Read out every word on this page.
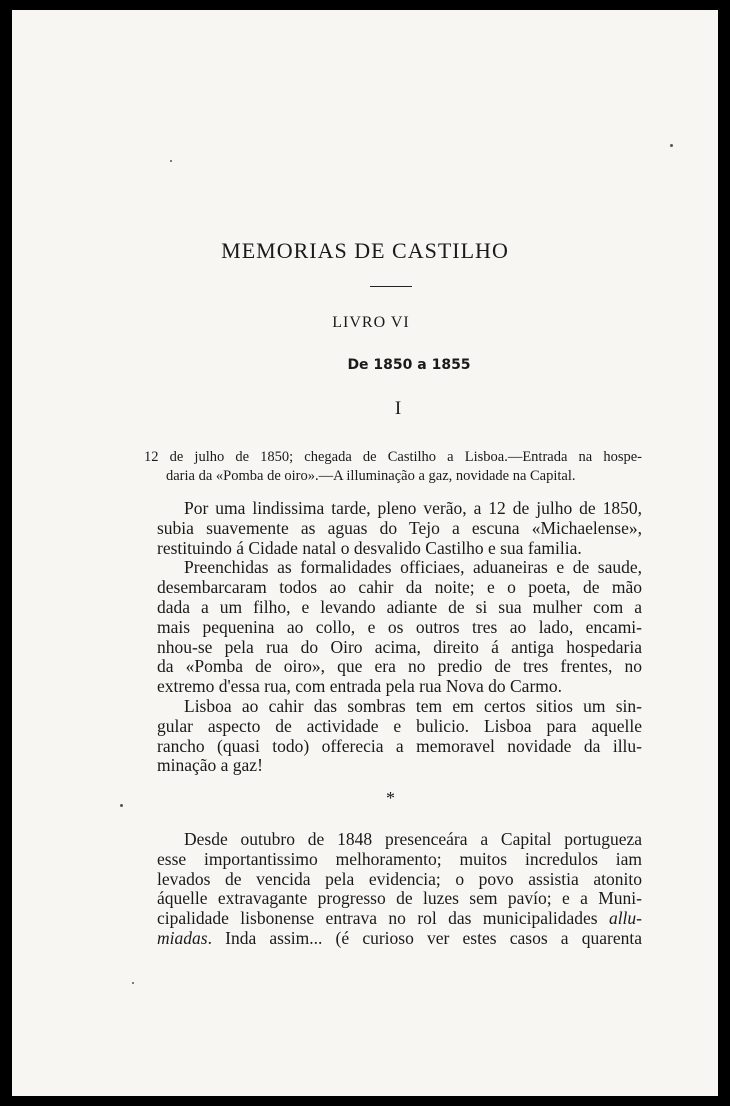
MEMORIAS DE CASTILHO
LIVRO VI
De 1850 a 1855
I
12 de julho de 1850; chegada de Castilho a Lisboa.—Entrada na hospe-
daria da «Pomba de oiro».—A illuminação a gaz, novidade na Capital.
Por uma lindissima tarde, pleno verão, a 12 de julho de 1850,
subia suavemente as aguas do Tejo a escuna «Michaelense»,
restituindo á Cidade natal o desvalido Castilho e sua familia.
Preenchidas as formalidades officiaes, aduaneiras e de saude,
desembarcaram todos ao cahir da noite; e o poeta, de mão
dada a um filho, e levando adiante de si sua mulher com a
mais pequenina ao collo, e os outros tres ao lado, encami-
nhou-se pela rua do Oiro acima, direito á antiga hospedaria
da «Pomba de oiro», que era no predio de tres frentes, no
extremo d'essa rua, com entrada pela rua Nova do Carmo.
Lisboa ao cahir das sombras tem em certos sitios um sin-
gular aspecto de actividade e bulicio. Lisboa para aquelle
rancho (quasi todo) offerecia a memoravel novidade da illu-
minação a gaz!
*
Desde outubro de 1848 presenceára a Capital portugueza
esse importantissimo melhoramento; muitos incredulos iam
levados de vencida pela evidencia; o povo assistia atonito
áquelle extravagante progresso de luzes sem pavío; e a Muni-
cipalidade lisbonense entrava no rol das municipalidades allu-
miadas. Inda assim... (é curioso ver estes casos a quarenta
